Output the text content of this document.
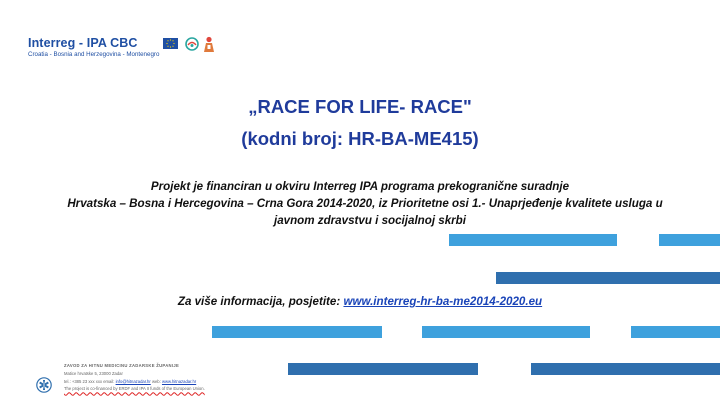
Interreg - IPA CBC
Croatia - Bosnia and Herzegovina - Montenegro
„RACE FOR LIFE- RACE"
(kodni broj: HR-BA-ME415)
Projekt je financiran u okviru Interreg IPA programa prekogranične suradnje
Hrvatska – Bosna i Hercegovina – Crna Gora 2014-2020, iz Prioritetne osi 1.- Unaprjeđenje kvalitete usluga u
javnom zdravstvu i socijalnoj skrbi
Za više informacija, posjetite: www.interreg-hr-ba-me2014-2020.eu
ZAVOD ZA HITNU MEDICINU ZADARSKE ŽUPANIJE
Matice hrvatske 5, 23000 Zadar
tel.: +385 23 xxx xxx email: info@hitnazadar.hr web: www.hitnazadar.hr
The project is co-financed by ERDF and IPA II funds of the European Union.
